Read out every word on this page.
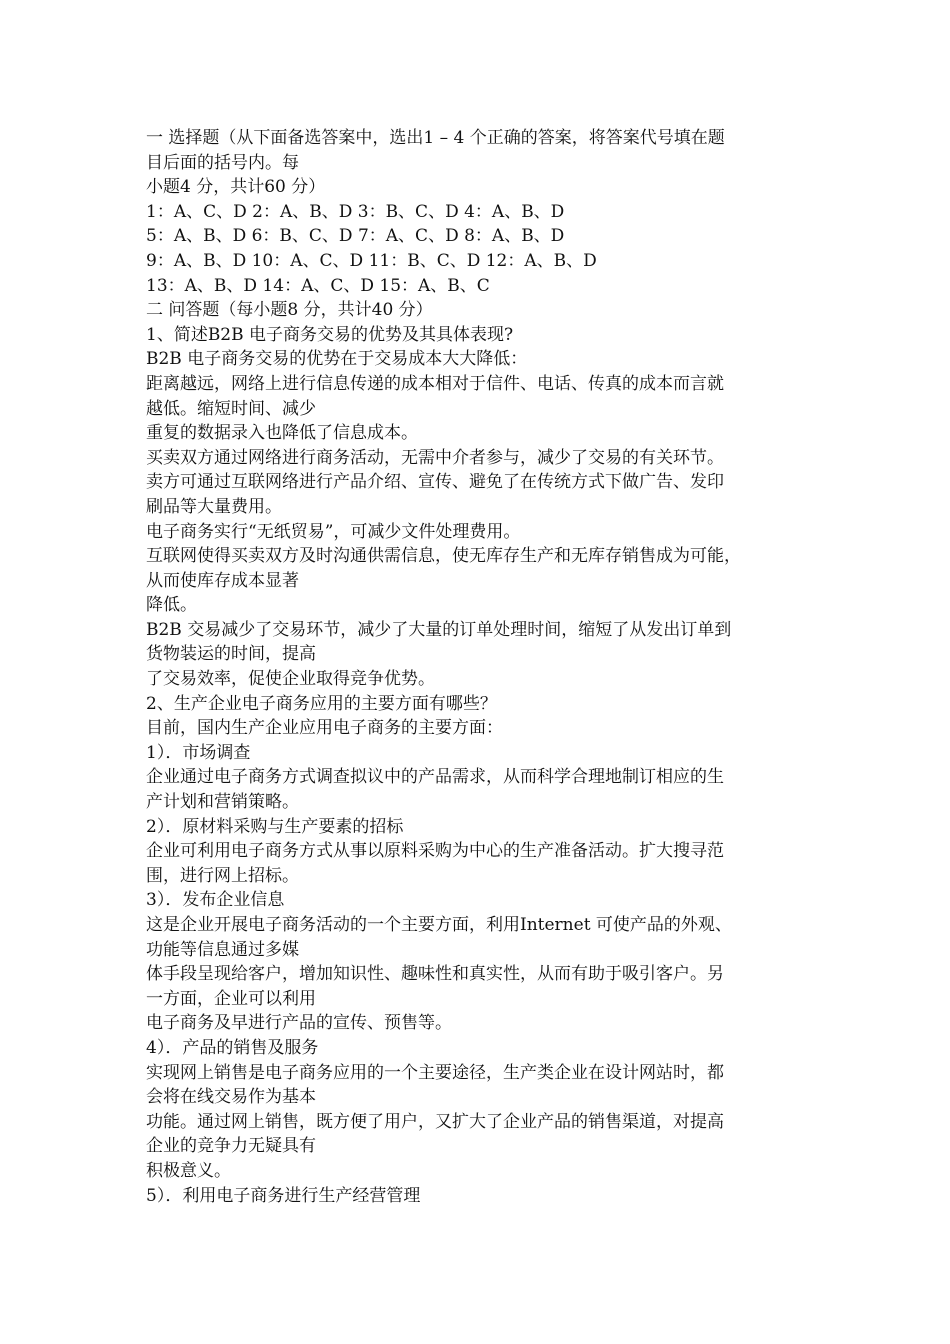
一 选择题（从下面备选答案中，选出1 – 4 个正确的答案，将答案代号填在题

目后面的括号内。每

小题4 分，共计60 分）

1：A、C、D 2：A、B、D 3：B、C、D 4：A、B、D

5：A、B、D 6：B、C、D 7：A、C、D 8：A、B、D

9：A、B、D 10：A、C、D 11：B、C、D 12：A、B、D

13：A、B、D 14：A、C、D 15：A、B、C

二 问答题（每小题8 分，共计40 分）

1、简述B2B 电子商务交易的优势及其具体表现?

B2B 电子商务交易的优势在于交易成本大大降低：

距离越远，网络上进行信息传递的成本相对于信件、电话、传真的成本而言就

越低。缩短时间、减少

重复的数据录入也降低了信息成本。

买卖双方通过网络进行商务活动，无需中介者参与，减少了交易的有关环节。

卖方可通过互联网络进行产品介绍、宣传、避免了在传统方式下做广告、发印

刷品等大量费用。

电子商务实行“无纸贸易”，可减少文件处理费用。

互联网使得买卖双方及时沟通供需信息，使无库存生产和无库存销售成为可能，

从而使库存成本显著

降低。

B2B 交易减少了交易环节，减少了大量的订单处理时间，缩短了从发出订单到

货物装运的时间，提高

了交易效率，促使企业取得竞争优势。

2、生产企业电子商务应用的主要方面有哪些？

目前，国内生产企业应用电子商务的主要方面：

1）．市场调查

企业通过电子商务方式调查拟议中的产品需求，从而科学合理地制订相应的生

产计划和营销策略。

2）．原材料采购与生产要素的招标

企业可利用电子商务方式从事以原料采购为中心的生产准备活动。扩大搜寻范

围，进行网上招标。

3）．发布企业信息

这是企业开展电子商务活动的一个主要方面，利用Internet 可使产品的外观、

功能等信息通过多媒

体手段呈现给客户，增加知识性、趣味性和真实性，从而有助于吸引客户。另

一方面，企业可以利用

电子商务及早进行产品的宣传、预售等。

4）．产品的销售及服务

实现网上销售是电子商务应用的一个主要途径，生产类企业在设计网站时，都

会将在线交易作为基本

功能。通过网上销售，既方便了用户，又扩大了企业产品的销售渠道，对提高

企业的竞争力无疑具有

积极意义。

5）．利用电子商务进行生产经营管理
